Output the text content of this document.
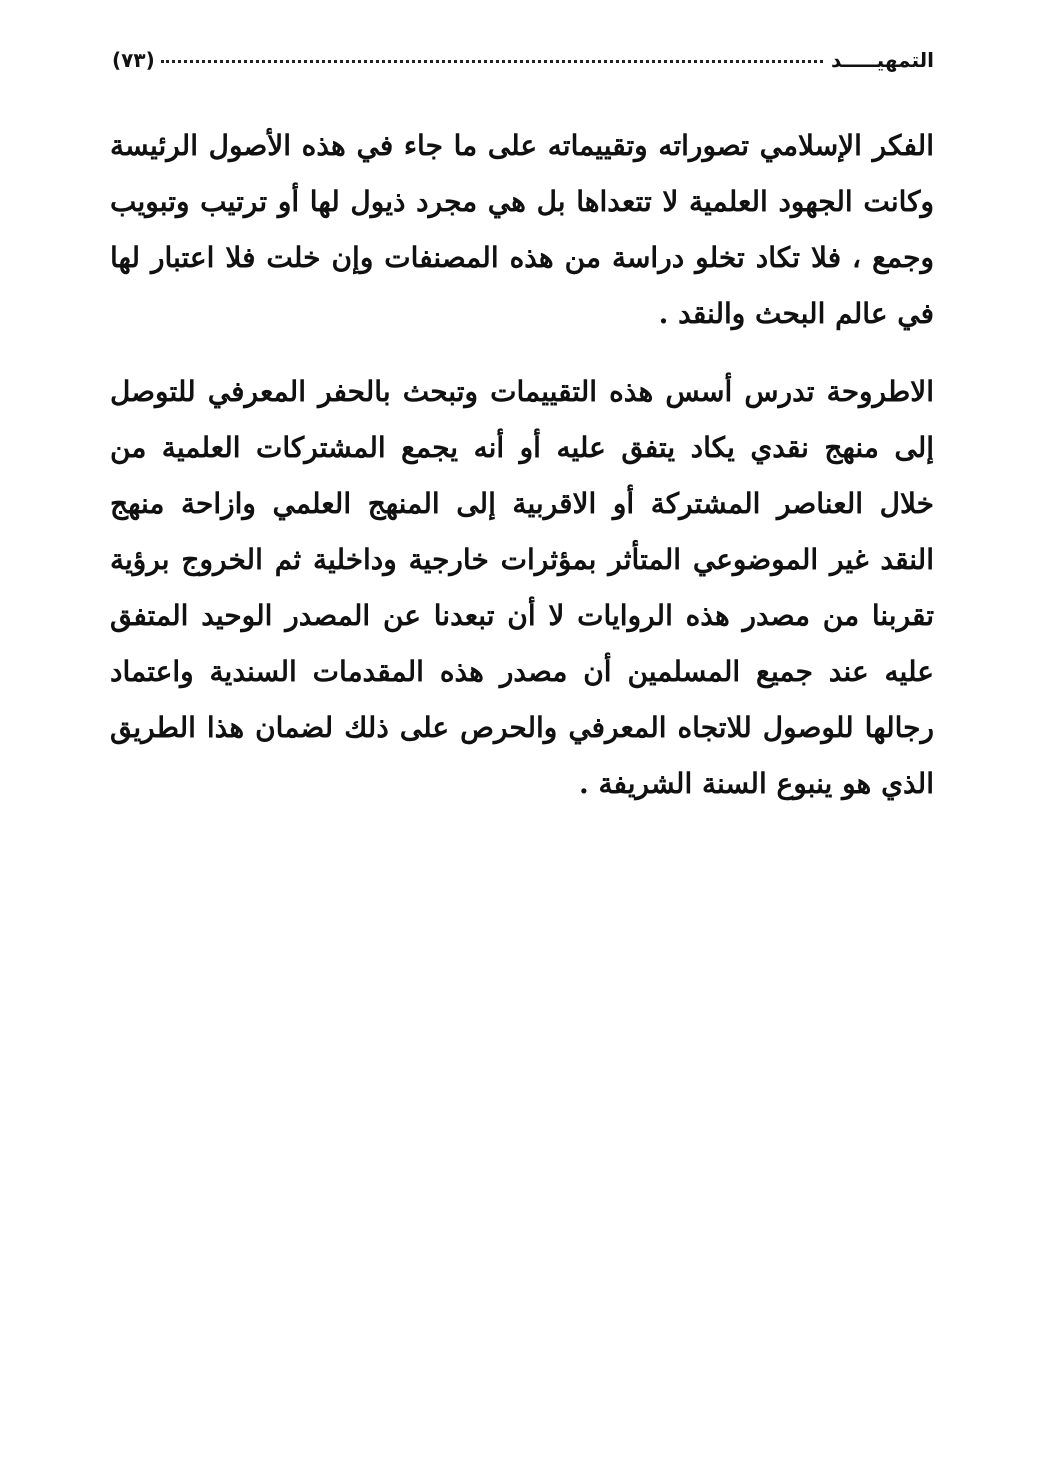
التمهيـــــد
(٧٣)

الفكر الإسلامي تصوراته وتقييماته على ما جاء في هذه الأصول الرئيسة وكانت الجهود العلمية لا تتعداها بل هي مجرد ذيول لها أو ترتيب وتبويب وجمع ، فلا تكاد تخلو دراسة من هذه المصنفات وإن خلت فلا اعتبار لها في عالم البحث والنقد .

الاطروحة تدرس أسس هذه التقييمات وتبحث بالحفر المعرفي للتوصل إلى منهج نقدي يكاد يتفق عليه أو أنه يجمع المشتركات العلمية من خلال العناصر المشتركة أو الاقربية إلى المنهج العلمي وازاحة منهج النقد غير الموضوعي المتأثر بمؤثرات خارجية وداخلية ثم الخروج برؤية تقربنا من مصدر هذه الروايات لا أن تبعدنا عن المصدر الوحيد المتفق عليه عند جميع المسلمين أن مصدر هذه المقدمات السندية واعتماد رجالها للوصول للاتجاه المعرفي والحرص على ذلك لضمان هذا الطريق الذي هو ينبوع السنة الشريفة .
